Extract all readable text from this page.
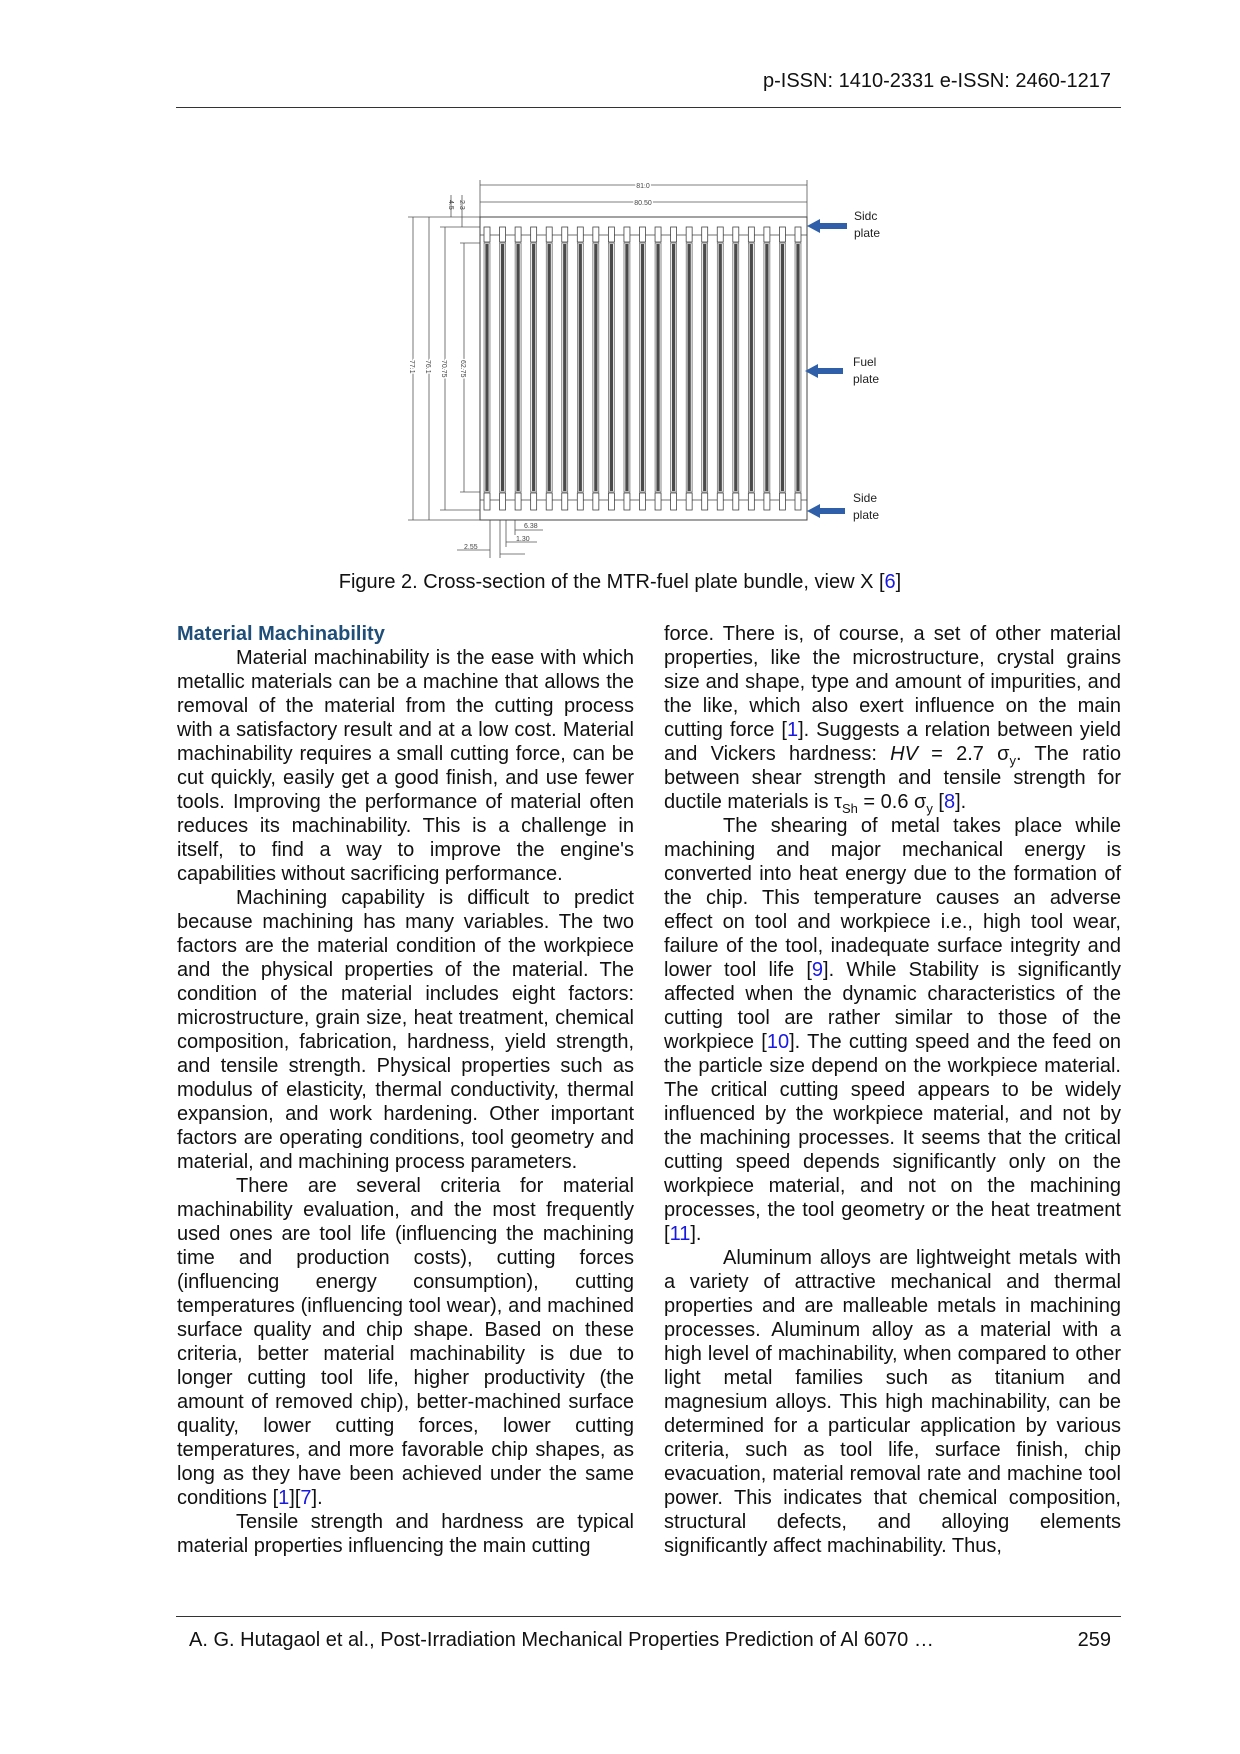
p-ISSN: 1410-2331 e-ISSN: 2460-1217
81.0
80.50
2.3
4.5
77.1 76.1 70.75 62.75
6.38
1.30
2.55
Sidc
plate
Fuel
plate
Side
plate
Figure 2. Cross-section of the MTR-fuel plate bundle, view X [6]
Material Machinability

Material machinability is the ease with which metallic materials can be a machine that allows the removal of the material from the cutting process with a satisfactory result and at a low cost. Material machinability requires a small cutting force, can be cut quickly, easily get a good finish, and use fewer tools. Improving the performance of material often reduces its machinability. This is a challenge in itself, to find a way to improve the engine's capabilities without sacrificing performance.

Machining capability is difficult to predict because machining has many variables. The two factors are the material condition of the workpiece and the physical properties of the material. The condition of the material includes eight factors: microstructure, grain size, heat treatment, chemical composition, fabrication, hardness, yield strength, and tensile strength. Physical properties such as modulus of elasticity, thermal conductivity, thermal expansion, and work hardening. Other important factors are operating conditions, tool geometry and material, and machining process parameters.

There are several criteria for material machinability evaluation, and the most frequently used ones are tool life (influencing the machining time and production costs), cutting forces (influencing energy consumption), cutting temperatures (influencing tool wear), and machined surface quality and chip shape. Based on these criteria, better material machinability is due to longer cutting tool life, higher productivity (the amount of removed chip), better-machined surface quality, lower cutting forces, lower cutting temperatures, and more favorable chip shapes, as long as they have been achieved under the same conditions [1][7].

Tensile strength and hardness are typical material properties influencing the main cutting

force. There is, of course, a set of other material properties, like the microstructure, crystal grains size and shape, type and amount of impurities, and the like, which also exert influence on the main cutting force [1]. Suggests a relation between yield and Vickers hardness: HV = 2.7 $\sigma_y$. The ratio between shear strength and tensile strength for ductile materials is $\tau_{Sh} = 0.6$ $\sigma_y$ [8].

The shearing of metal takes place while machining and major mechanical energy is converted into heat energy due to the formation of the chip. This temperature causes an adverse effect on tool and workpiece i.e., high tool wear, failure of the tool, inadequate surface integrity and lower tool life [9]. While Stability is significantly affected when the dynamic characteristics of the cutting tool are rather similar to those of the workpiece [10]. The cutting speed and the feed on the particle size depend on the workpiece material. The critical cutting speed appears to be widely influenced by the workpiece material, and not by the machining processes. It seems that the critical cutting speed depends significantly only on the workpiece material, and not on the machining processes, the tool geometry or the heat treatment [11].

Aluminum alloys are lightweight metals with a variety of attractive mechanical and thermal properties and are malleable metals in machining processes. Aluminum alloy as a material with a high level of machinability, when compared to other light metal families such as titanium and magnesium alloys. This high machinability, can be determined for a particular application by various criteria, such as tool life, surface finish, chip evacuation, material removal rate and machine tool power. This indicates that chemical composition, structural defects, and alloying elements significantly affect machinability. Thus,

A. G. Hutagaol et al., Post-Irradiation Mechanical Properties Prediction of Al 6070 …	259
